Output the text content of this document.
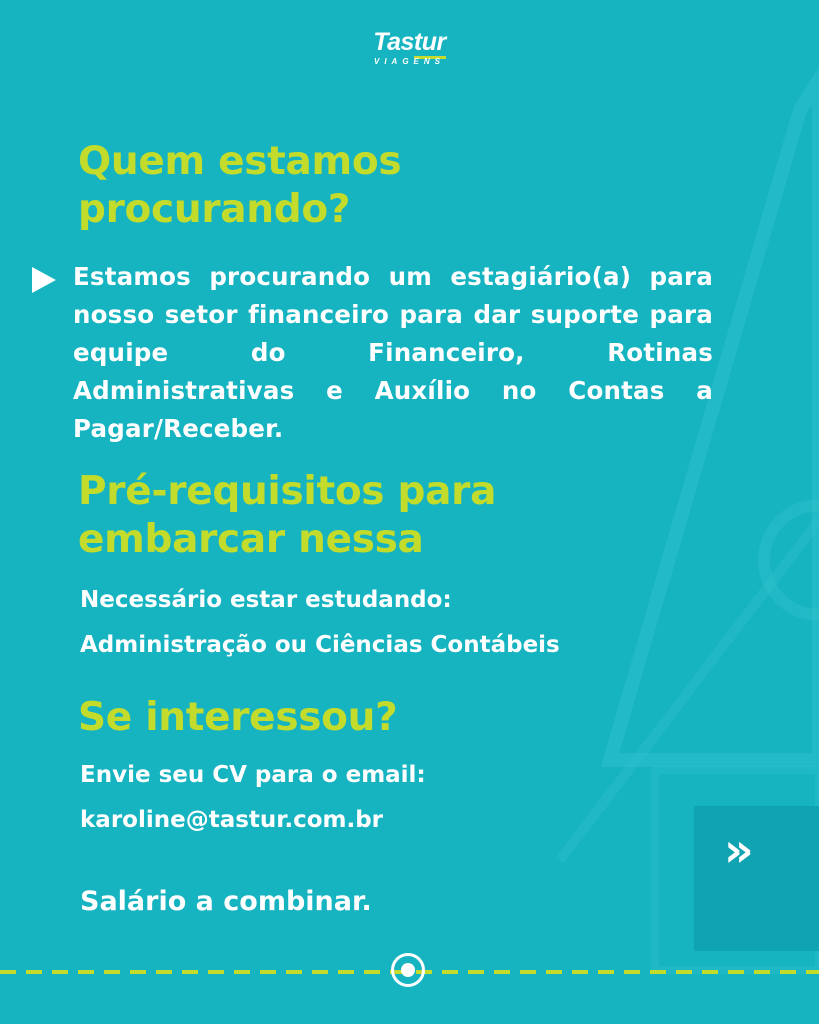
Tastur
VIAGENS
Quem estamos procurando?
Estamos procurando um estagiário(a) para nosso setor financeiro para dar suporte para equipe do Financeiro, Rotinas Administrativas e Auxílio no Contas a Pagar/Receber.
Pré-requisitos para embarcar nessa
Necessário estar estudando:
Administração ou Ciências Contábeis
Se interessou?
Envie seu CV para o email:
karoline@tastur.com.br
Salário a combinar.
»
